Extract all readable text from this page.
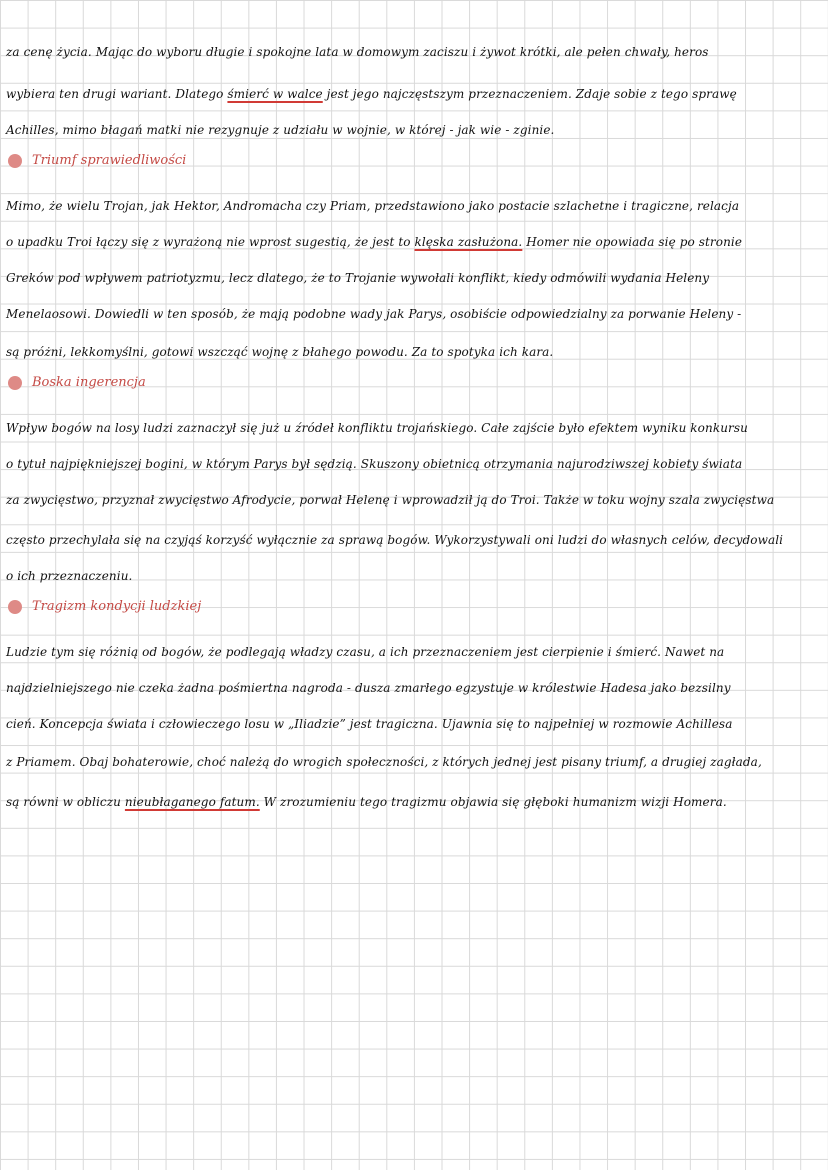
za cenę życia. Mając do wyboru długie i spokojne lata w domowym zaciszu i żywot krótki, ale pełen chwały, heros
wybiera ten drugi wariant. Dlatego śmierć w walce jest jego najczęstszym przeznaczeniem. Zdaje sobie z tego sprawę
Achilles, mimo błagań matki nie rezygnuje z udziału w wojnie, w której - jak wie - zginie.
Triumf sprawiedliwości
Mimo, że wielu Trojan, jak Hektor, Andromacha czy Priam, przedstawiono jako postacie szlachetne i tragiczne, relacja
o upadku Troi łączy się z wyrażoną nie wprost sugestią, że jest to klęska zasłużona. Homer nie opowiada się po stronie
Greków pod wpływem patriotyzmu, lecz dlatego, że to Trojanie wywołali konflikt, kiedy odmówili wydania Heleny
Menelaosowi. Dowiedli w ten sposób, że mają podobne wady jak Parys, osobiście odpowiedzialny za porwanie Heleny -
są próżni, lekkomyślni, gotowi wszcząć wojnę z błahego powodu. Za to spotyka ich kara.
Boska ingerencja
Wpływ bogów na losy ludzi zaznaczył się już u źródeł konfliktu trojańskiego. Całe zajście było efektem wyniku konkursu
o tytuł najpiękniejszej bogini, w którym Parys był sędzią. Skuszony obietnicą otrzymania najurodziwszej kobiety świata
za zwycięstwo, przyznał zwycięstwo Afrodycie, porwał Helenę i wprowadził ją do Troi. Także w toku wojny szala zwycięstwa
często przechylała się na czyjąś korzyść wyłącznie za sprawą bogów. Wykorzystywali oni ludzi do własnych celów, decydowali
o ich przeznaczeniu.
Tragizm kondycji ludzkiej
Ludzie tym się różnią od bogów, że podlegają władzy czasu, a ich przeznaczeniem jest cierpienie i śmierć. Nawet na
najdzielniejszego nie czeka żadna pośmiertna nagroda - dusza zmarłego egzystuje w królestwie Hadesa jako bezsilny
cień. Koncepcja świata i człowieczego losu w „Iliadzie” jest tragiczna. Ujawnia się to najpełniej w rozmowie Achillesa
z Priamem. Obaj bohaterowie, choć należą do wrogich społeczności, z których jednej jest pisany triumf, a drugiej zagłada,
są równi w obliczu nieubłaganego fatum. W zrozumieniu tego tragizmu objawia się głęboki humanizm wizji Homera.
